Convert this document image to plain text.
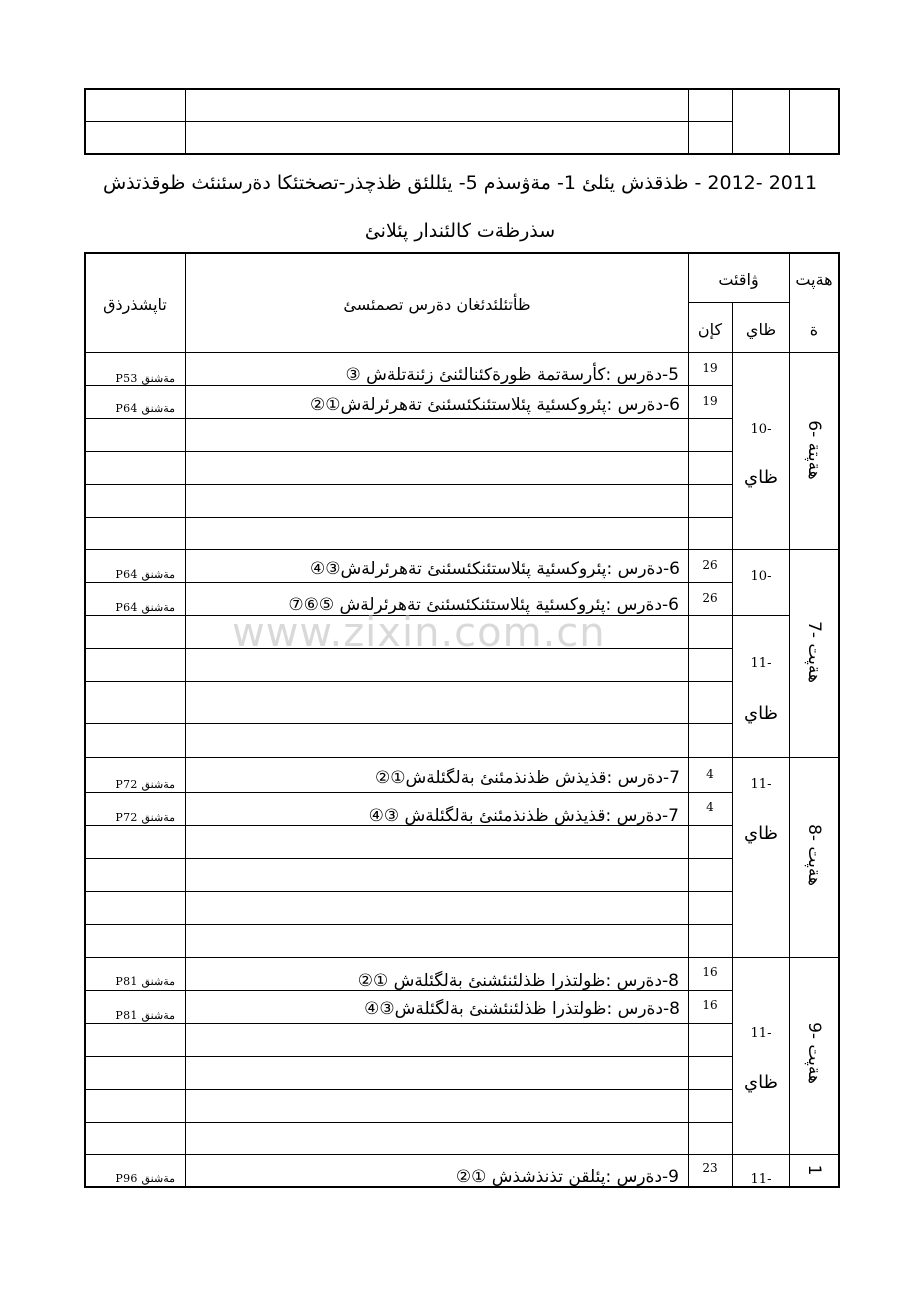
2011 -2012 - ظذقذش يئلئ 1- مةۋسذم 5- يئللئق ظذچذر-تصختئكا دةرسئنئث ظوقذتذش
سذرظةت كالئندار پئلانئ
هةپت
ة
ۋاقئت
ظاي
كإن
ظأتئلئدئغان دةرس تصمئسئ
تاپشذرذق
5-دةرس :كأرسةتمة ظورةكئنالئنئ زئنةتلةش ③
P53 مةشنق
19
6-دةرس :پئروكسئية پئلاستئنكئسئنئ تةھرئرلةش①②
P64 مةشنق
19
10-
ظاي
6- هةپتة
6-دةرس :پئروكسئية پئلاستئنكئسئنئ تةھرئرلةش③④
P64 مةشنق
26
6-دةرس :پئروكسئية پئلاستئنكئسئنئ تةھرئرلةش ⑤⑥⑦
P64 مةشنق
26
10-
11-
ظاي
7- هةپت
7-دةرس :قذيذش ظذنذمئنئ بةلگئلةش①②
P72 مةشنق
4
7-دةرس :قذيذش ظذنذمئنئ بةلگئلةش ③④
P72 مةشنق
4
11-
ظاي	8- هةپت
8-دةرس :ظولتذرا ظذلئنئشنئ بةلگئلةش ①②
P81 مةشنق
16
8-دةرس :ظولتذرا ظذلئنئشنئ بةلگئلةش③④
P81 مةشنق
16
11-
ظاي
9- هةپت
9-دةرس :پئلقن تذنذشذش ①②
P96 مةشنق
23
11-
1
www.zixin.com.cn
